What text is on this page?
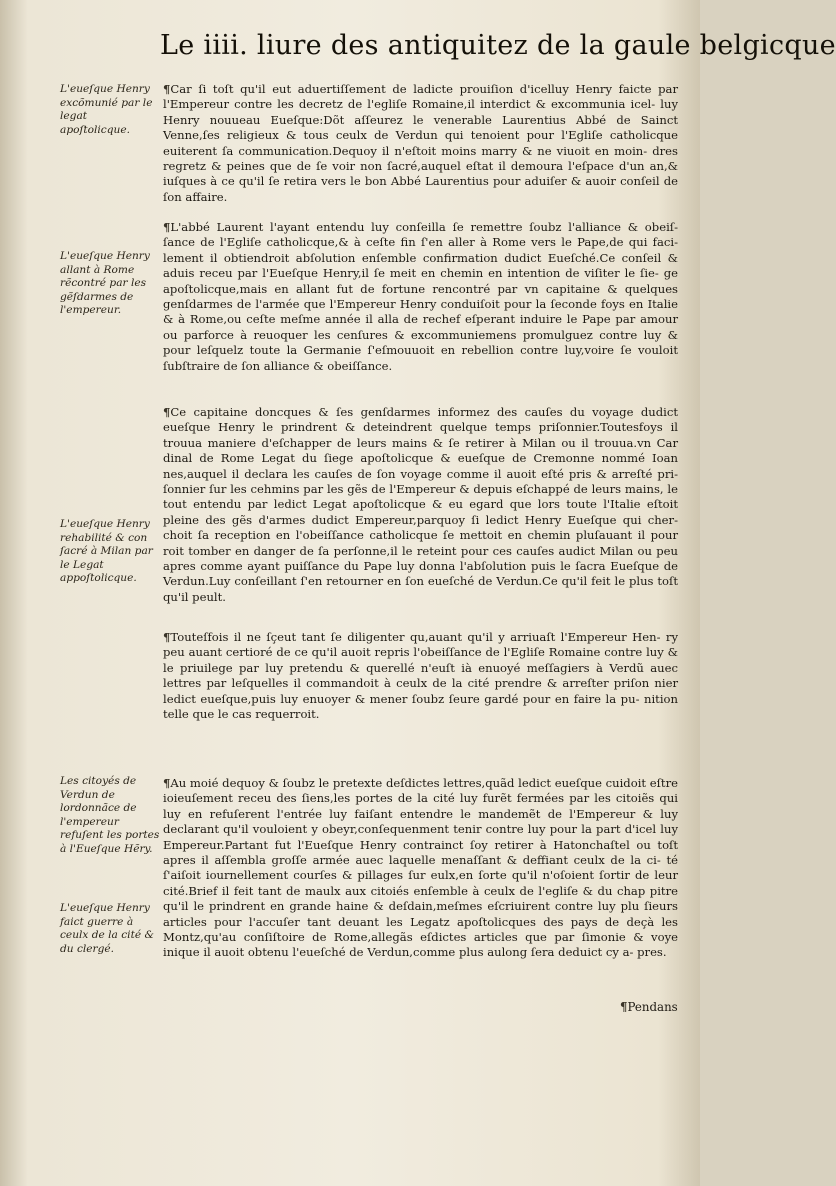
Le iiii. liure des antiquitez de la gaule belgicque
L'eueſque Henry excõmunié par le legat apoſtolicque.
L'eueſque Henry allant à Rome rẽcontré par les gẽſdarmes de l'empereur.
L'eueſque Henry rehabilité & con ſacré à Milan par le Legat appoſtolicque.
Les citoyés de Verdun de lordonnãce de l'empereur refuſent les portes à l'Eueſque Hẽry.
L'eueſque Henry faict guerre à ceulx de la cité & du clergé.
¶Car ſi toſt qu'il eut aduertiſſement de ladicte prouiſion d'icelluy Henry faicte par l'Empereur contre les decretz de l'egliſe Romaine,il interdict & excommunia icel- luy Henry nouueau Eueſque:Dõt aſſeurez le venerable Laurentius Abbé de Sainct Venne,ſes religieux & tous ceulx de Verdun qui tenoient pour l'Egliſe catholicque euiterent ſa communication.Dequoy il n'eſtoit moins marry & ne viuoit en moin- dres regretz & peines que de ſe voir non ſacré,auquel eſtat il demoura l'eſpace d'un an,& iuſques à ce qu'il ſe retira vers le bon Abbé Laurentius pour aduiſer & auoir conſeil de ſon affaire.
¶L'abbé Laurent l'ayant entendu luy conſeilla ſe remettre ſoubz l'alliance & obeiſ- ſance de l'Egliſe catholicque,& à ceſte fin ſ'en aller à Rome vers le Pape,de qui faci- lement il obtiendroit abſolution enſemble confirmation dudict Eueſché.Ce conſeil & aduis receu par l'Eueſque Henry,il ſe meit en chemin en intention de viſiter le ſie- ge apoſtolicque,mais en allant fut de fortune rencontré par vn capitaine & quelques genſdarmes de l'armée que l'Empereur Henry conduiſoit pour la ſeconde foys en Italie & à Rome,ou ceſte meſme année il alla de rechef eſperant induire le Pape par amour ou parforce à reuoquer les cenſures & excommuniemens promulguez contre luy & pour leſquelz toute la Germanie ſ'eſmouuoit en rebellion contre luy,voire ſe vouloit ſubſtraire de ſon alliance & obeiſſance.
¶Ce capitaine doncques & ſes genſdarmes informez des cauſes du voyage dudict eueſque Henry le prindrent & deteindrent quelque temps priſonnier.Toutesfoys il trouua maniere d'eſchapper de leurs mains & ſe retirer à Milan ou il trouua.vn Car dinal de Rome Legat du ſiege apoſtolicque & eueſque de Cremonne nommé Ioan nes,auquel il declara les cauſes de ſon voyage comme il auoit eſté pris & arreſté pri- ſonnier ſur les cehmins par les gẽs de l'Empereur & depuis eſchappé de leurs mains, le tout entendu par ledict Legat apoſtolicque & eu egard que lors toute l'Italie eſtoit pleine des gẽs d'armes dudict Empereur,parquoy ſi ledict Henry Eueſque qui cher- choit ſa reception en l'obeiſſance catholicque ſe mettoit en chemin pluſauant il pour roit tomber en danger de ſa perſonne,il le reteint pour ces cauſes audict Milan ou peu apres comme ayant puiſſance du Pape luy donna l'abſolution puis le ſacra Eueſque de Verdun.Luy conſeillant ſ'en retourner en ſon eueſché de Verdun.Ce qu'il feit le plus toſt qu'il peult.
¶Touteſfois il ne ſçeut tant ſe diligenter qu,auant qu'il y arriuaſt l'Empereur Hen- ry peu auant certioré de ce qu'il auoit repris l'obeiſſance de l'Egliſe Romaine contre luy & le priuilege par luy pretendu & querellé n'euſt ià enuoyé meſſagiers à Verdũ auec lettres par leſquelles il commandoit à ceulx de la cité prendre & arreſter priſon nier ledict eueſque,puis luy enuoyer & mener ſoubz ſeure gardé pour en faire la pu- nition telle que le cas requerroit.
¶Au moié dequoy & ſoubz le pretexte deſdictes lettres,quãd ledict eueſque cuidoit eſtre ioieuſement receu des ſiens,les portes de la cité luy furẽt fermées par les citoiẽs qui luy en refuſerent l'entrée luy faiſant entendre le mandemẽt de l'Empereur & luy declarant qu'il vouloient y obeyr,conſequenment tenir contre luy pour la part d'icel luy Empereur.Partant fut l'Eueſque Henry contrainct ſoy retirer à Hatonchaſtel ou toſt apres il aſſembla groſſe armée auec laquelle menaſſant & deffiant ceulx de la ci- té ſ'aiſoit iournellement courſes & pillages ſur eulx,en ſorte qu'il n'oſoient ſortir de leur cité.Brief il feit tant de maulx aux citoiés enſemble à ceulx de l'egliſe & du chap pitre qu'il le prindrent en grande haine & deſdain,meſmes eſcriuirent contre luy plu ſieurs articles pour l'accuſer tant deuant les Legatz apoſtolicques des pays de deçà les Montz,qu'au conſiſtoire de Rome,allegãs eſdictes articles que par ſimonie & voye inique il auoit obtenu l'eueſché de Verdun,comme plus aulong ſera deduict cy a- pres.
¶Pendans
